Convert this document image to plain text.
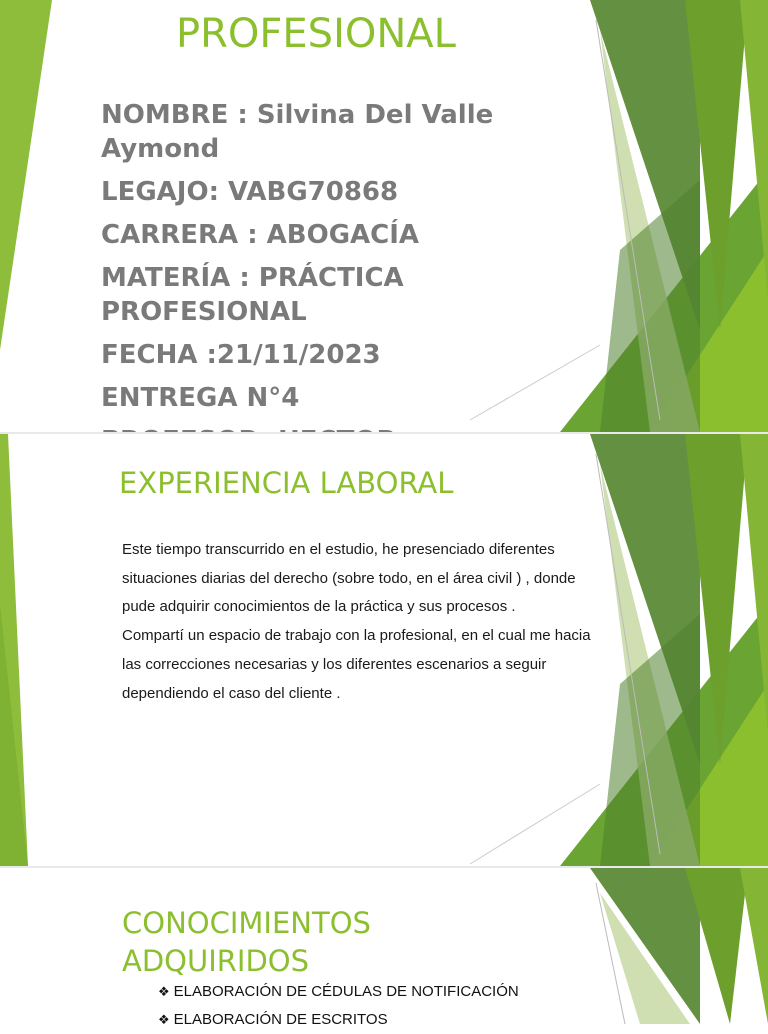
PROFESIONAL
NOMBRE : Silvina Del Valle Aymond
LEGAJO: VABG70868
CARRERA : ABOGACÍA
MATERÍA : PRÁCTICA PROFESIONAL
FECHA :21/11/2023
ENTREGA N°4
EXPERIENCIA LABORAL

Este tiempo transcurrido en el estudio, he presenciado diferentes situaciones diarias del derecho (sobre todo, en el área civil ) , donde pude adquirir conocimientos de la práctica y sus procesos .

Compartí un espacio de trabajo con la profesional, en el cual me hacia las correcciones necesarias y los diferentes escenarios a seguir dependiendo el caso del cliente .

CONOCIMIENTOS
ADQUIRIDOS
❖ ELABORACIÓN DE CÉDULAS DE NOTIFICACIÓN
❖ ELABORACIÓN DE ESCRITOS
